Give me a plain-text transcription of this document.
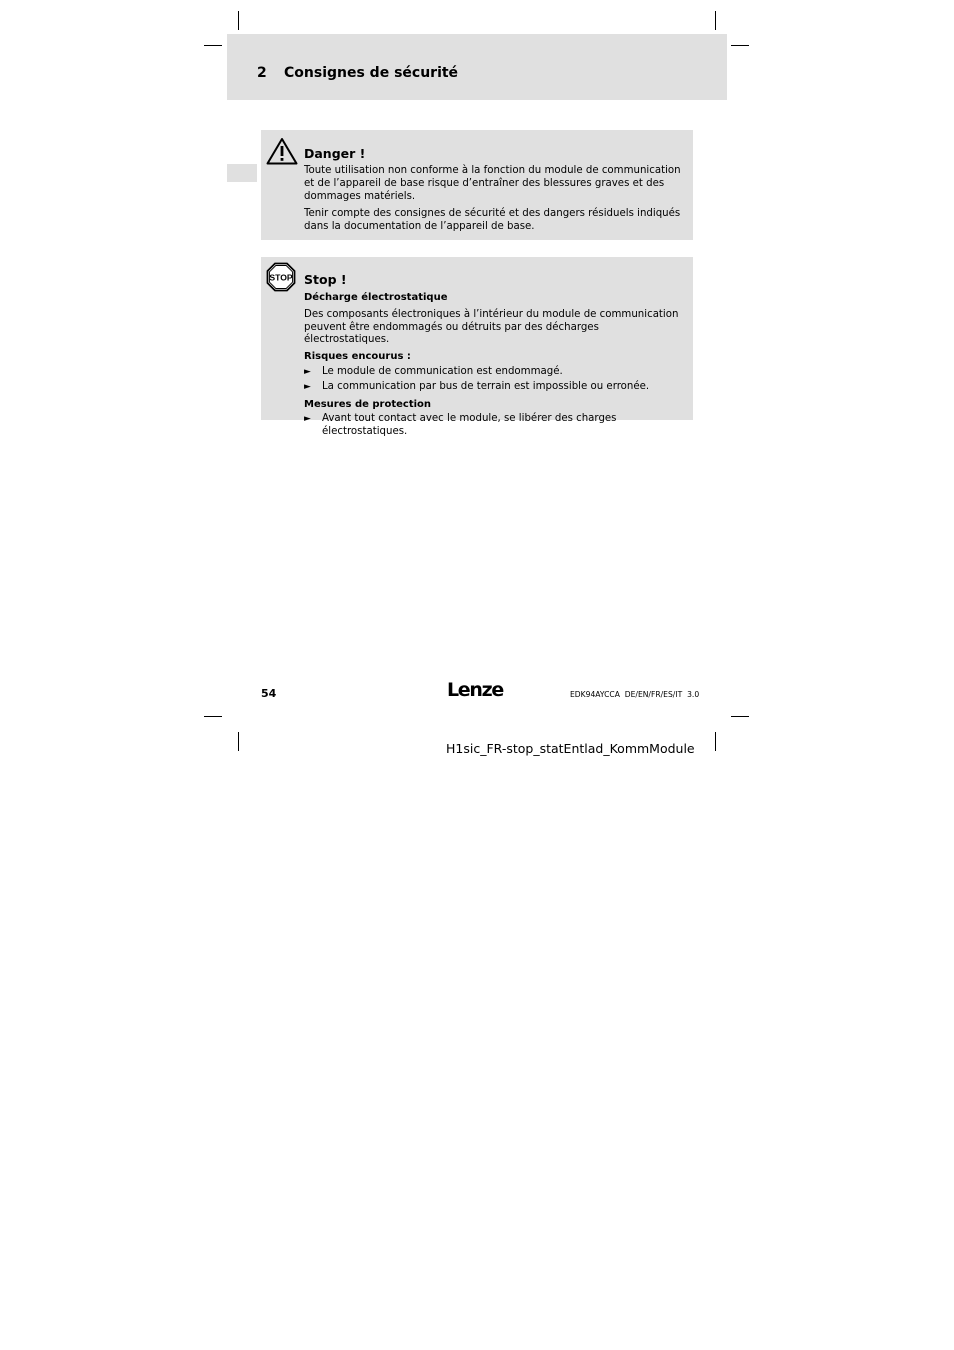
2 Consignes de sécurité

Danger !

Toute utilisation non conforme à la fonction du module de communication et de l’appareil de base risque d’entraîner des blessures graves et des dommages matériels.

Tenir compte des consignes de sécurité et des dangers résiduels indiqués dans la documentation de l’appareil de base.

STOP Stop !

Décharge électrostatique

Des composants électroniques à l’intérieur du module de communication peuvent être endommagés ou détruits par des décharges électrostatiques.

Risques encourus :

► Le module de communication est endommagé.
► La communication par bus de terrain est impossible ou erronée.

Mesures de protection

► Avant tout contact avec le module, se libérer des charges électrostatiques.
54	Lenze	EDK94AYCCA  DE/EN/FR/ES/IT  3.0
H1sic_FR-stop_statEntlad_KommModule
